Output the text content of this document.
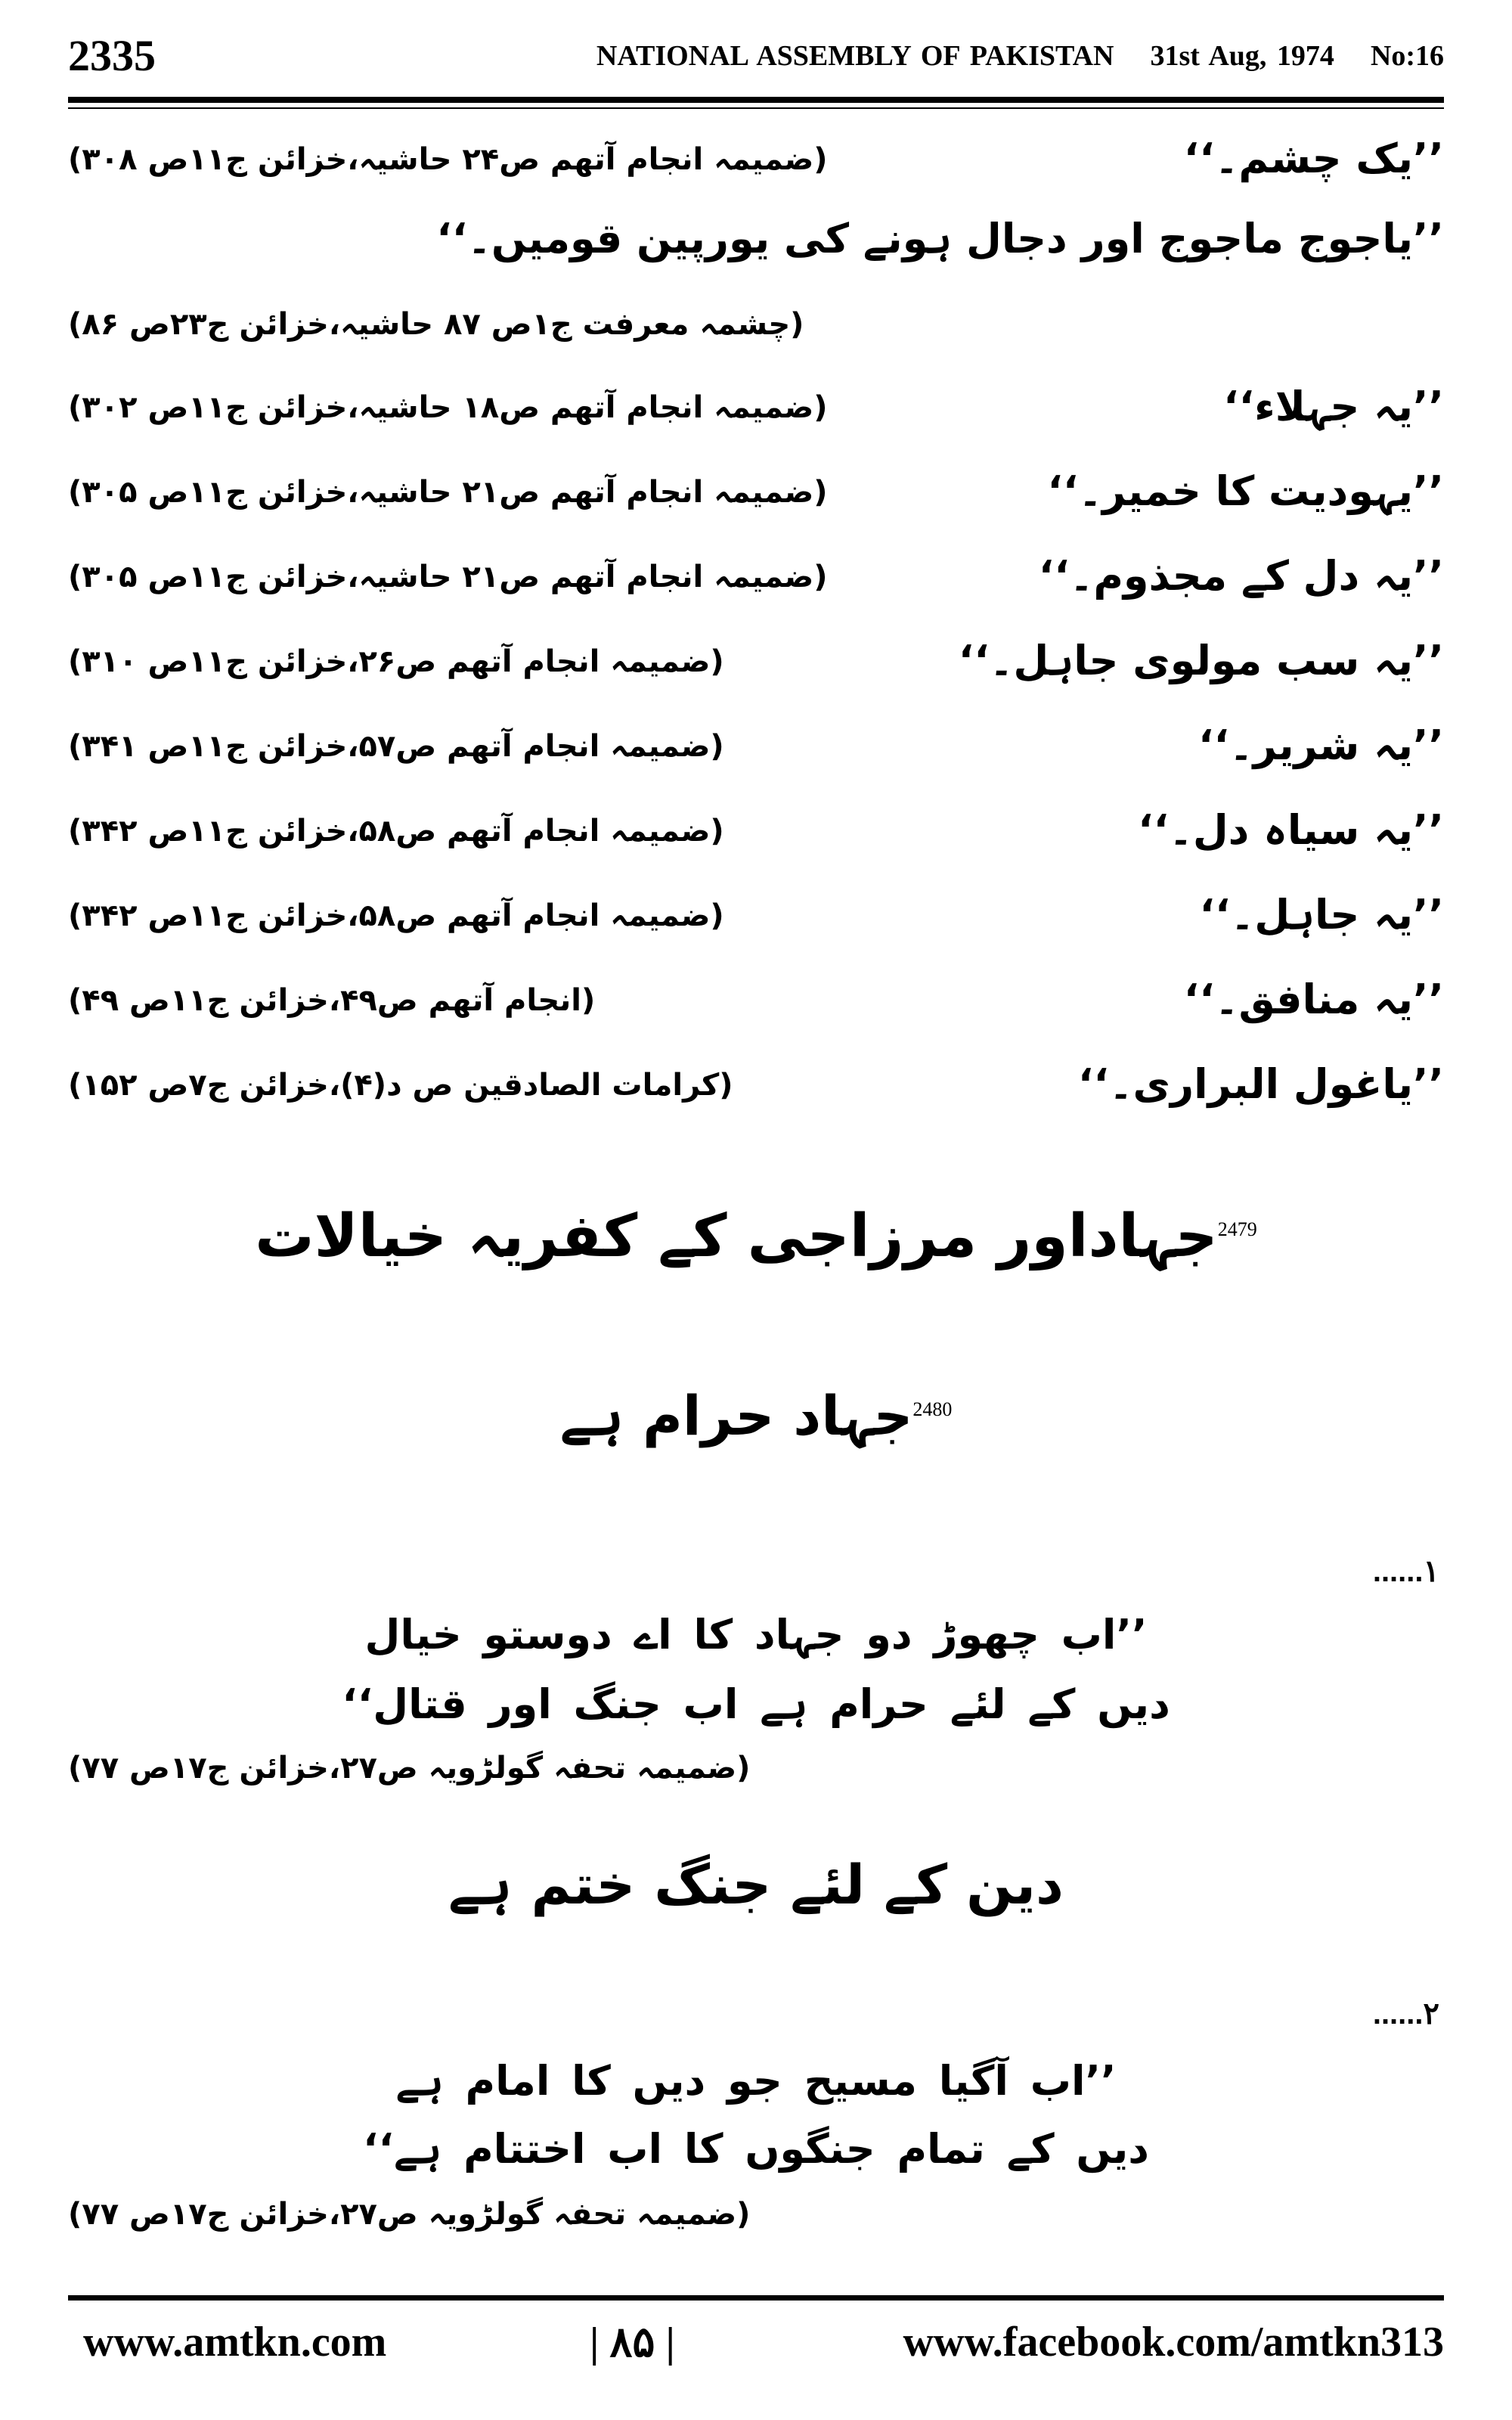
2335	NATIONAL ASSEMBLY OF PAKISTAN 31st Aug, 1974 No:16
’’یک چشم۔‘‘
(ضمیمہ انجام آتھم ص۲۴ حاشیہ،خزائن ج۱۱ص ۳۰۸)
’’یاجوج ماجوج اور دجال ہونے کی یورپین قومیں۔‘‘
(چشمہ معرفت ج۱ص ۸۷ حاشیہ،خزائن ج۲۳ص ۸۶)
’’یہ جہلاء‘‘
(ضمیمہ انجام آتھم ص۱۸ حاشیہ،خزائن ج۱۱ص ۳۰۲)
’’یہودیت کا خمیر۔‘‘
(ضمیمہ انجام آتھم ص۲۱ حاشیہ،خزائن ج۱۱ص ۳۰۵)
’’یہ دل کے مجذوم۔‘‘
(ضمیمہ انجام آتھم ص۲۱ حاشیہ،خزائن ج۱۱ص ۳۰۵)
’’یہ سب مولوی جاہل۔‘‘
(ضمیمہ انجام آتھم ص۲۶،خزائن ج۱۱ص ۳۱۰)
’’یہ شریر۔‘‘
(ضمیمہ انجام آتھم ص۵۷،خزائن ج۱۱ص ۳۴۱)
’’یہ سیاہ دل۔‘‘
(ضمیمہ انجام آتھم ص۵۸،خزائن ج۱۱ص ۳۴۲)
’’یہ جاہل۔‘‘
(ضمیمہ انجام آتھم ص۵۸،خزائن ج۱۱ص ۳۴۲)
’’یہ منافق۔‘‘
(انجام آتھم ص۴۹،خزائن ج۱۱ص ۴۹)
’’یاغول البراری۔‘‘
(کرامات الصادقین ص د(۴)،خزائن ج۷ص ۱۵۲)
$^{2479}$جہاداور مرزاجی کے کفریہ خیالات
$^{2480}$جہاد حرام ہے
۱......
’’اب چھوڑ دو جہاد کا اے دوستو خیال
دیں کے لئے حرام ہے اب جنگ اور قتال‘‘
(ضمیمہ تحفہ گولڑویہ ص۲۷،خزائن ج۱۷ص ۷۷)
دین کے لئے جنگ ختم ہے
۲......
’’اب آگیا مسیح جو دیں کا امام ہے
دیں کے تمام جنگوں کا اب اختتام ہے‘‘
(ضمیمہ تحفہ گولڑویہ ص۲۷،خزائن ج۱۷ص ۷۷)
www.amtkn.com	| ۸۵ |	www.facebook.com/amtkn313
